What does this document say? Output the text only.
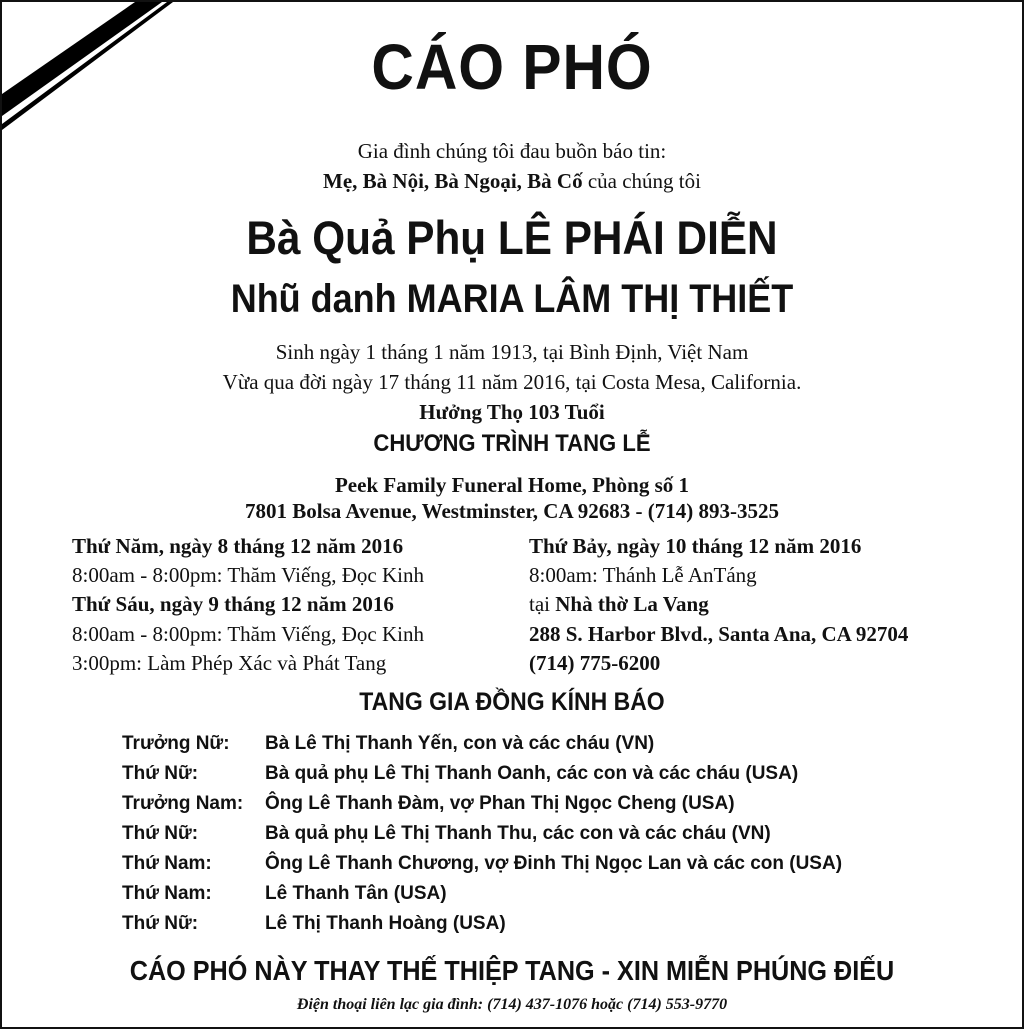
CÁO PHÓ
Gia đình chúng tôi đau buồn báo tin:
Mẹ, Bà Nội, Bà Ngoại, Bà Cố của chúng tôi
Bà Quả Phụ LÊ PHÁI DIỄN
Nhũ danh MARIA LÂM THỊ THIẾT
Sinh ngày 1 tháng 1 năm 1913, tại Bình Định, Việt Nam
Vừa qua đời ngày 17 tháng 11 năm 2016, tại Costa Mesa, California.
Hưởng Thọ 103 Tuổi
CHƯƠNG TRÌNH TANG LỄ
Peek Family Funeral Home, Phòng số 1
7801 Bolsa Avenue, Westminster, CA 92683 - (714) 893-3525
Thứ Năm, ngày 8 tháng 12 năm 2016
8:00am - 8:00pm: Thăm Viếng, Đọc Kinh
Thứ Sáu, ngày 9 tháng 12 năm 2016
8:00am - 8:00pm: Thăm Viếng, Đọc Kinh
3:00pm: Làm Phép Xác và Phát Tang
Thứ Bảy, ngày 10 tháng 12 năm 2016
8:00am: Thánh Lễ AnTáng
tại Nhà thờ La Vang
288 S. Harbor Blvd., Santa Ana, CA 92704
(714) 775-6200
TANG GIA ĐỒNG KÍNH BÁO
Trưởng Nữ: Bà Lê Thị Thanh Yến, con và các cháu (VN)
Thứ Nữ:	Bà quả phụ Lê Thị Thanh Oanh, các con và các cháu (USA)
Trưởng Nam: Ông Lê Thanh Đàm, vợ Phan Thị Ngọc Cheng (USA)
Thứ Nữ:	Bà quả phụ Lê Thị Thanh Thu, các con và các cháu (VN)
Thứ Nam:	Ông Lê Thanh Chương, vợ Đinh Thị Ngọc Lan và các con (USA)
Thứ Nam:	Lê Thanh Tân (USA)
Thứ Nữ:	Lê Thị Thanh Hoàng (USA)
CÁO PHÓ NÀY THAY THẾ THIỆP TANG - XIN MIỄN PHÚNG ĐIẾU
Điện thoại liên lạc gia đình: (714) 437-1076 hoặc (714) 553-9770
